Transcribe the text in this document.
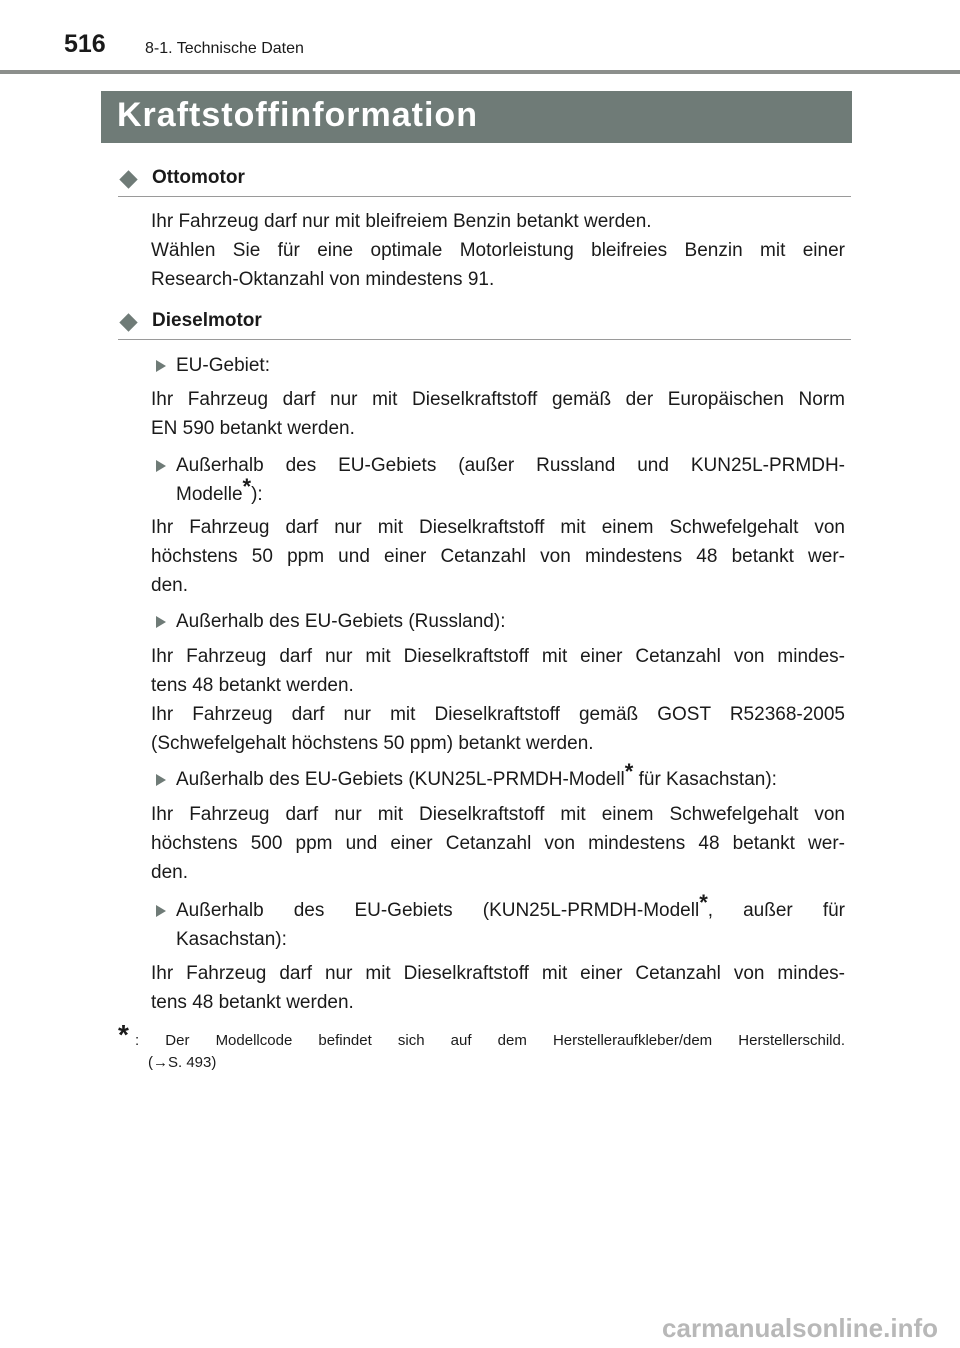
516 8-1. Technische Daten
Kraftstoffinformation
Ottomotor
Ihr Fahrzeug darf nur mit bleifreiem Benzin betankt werden.
Wählen Sie für eine optimale Motorleistung bleifreies Benzin mit einer
Research-Oktanzahl von mindestens 91.
Dieselmotor
EU-Gebiet:
Ihr Fahrzeug darf nur mit Dieselkraftstoff gemäß der Europäischen Norm
EN 590 betankt werden.
Außerhalb des EU-Gebiets (außer Russland und KUN25L-PRMDH-
Modelle*):
Ihr Fahrzeug darf nur mit Dieselkraftstoff mit einem Schwefelgehalt von
höchstens 50 ppm und einer Cetanzahl von mindestens 48 betankt wer-
den.
Außerhalb des EU-Gebiets (Russland):
Ihr Fahrzeug darf nur mit Dieselkraftstoff mit einer Cetanzahl von mindes-
tens 48 betankt werden.
Ihr Fahrzeug darf nur mit Dieselkraftstoff gemäß GOST R52368-2005
(Schwefelgehalt höchstens 50 ppm) betankt werden.
Außerhalb des EU-Gebiets (KUN25L-PRMDH-Modell* für Kasachstan):
Ihr Fahrzeug darf nur mit Dieselkraftstoff mit einem Schwefelgehalt von
höchstens 500 ppm und einer Cetanzahl von mindestens 48 betankt wer-
den.
Außerhalb des EU-Gebiets (KUN25L-PRMDH-Modell*, außer für
Kasachstan):
Ihr Fahrzeug darf nur mit Dieselkraftstoff mit einer Cetanzahl von mindes-
tens 48 betankt werden.
* : Der Modellcode befindet sich auf dem Herstelleraufkleber/dem Herstellerschild.
(→S. 493)
carmanualsonline.info
